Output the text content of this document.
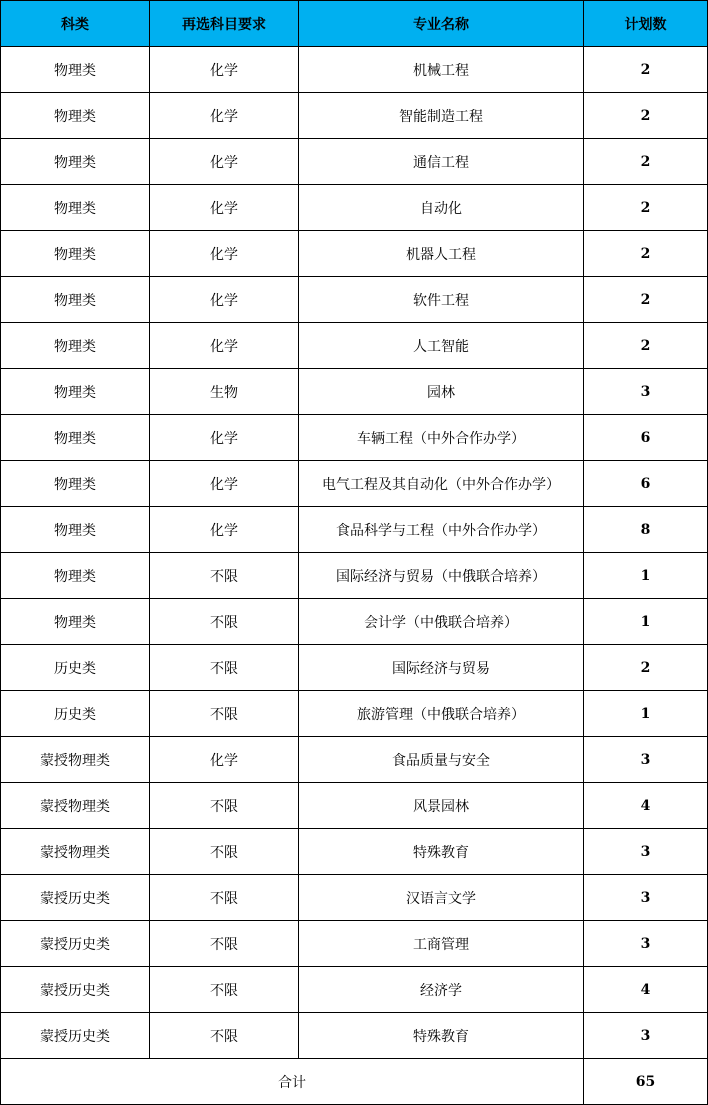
科类	再选科目要求	专业名称	计划数
物理类	化学	机械工程	2
物理类	化学	智能制造工程	2
物理类	化学	通信工程	2
物理类	化学	自动化	2
物理类	化学	机器人工程	2
物理类	化学	软件工程	2
物理类	化学	人工智能	2
物理类	生物	园林	3
物理类	化学	车辆工程（中外合作办学）	6
物理类	化学	电气工程及其自动化（中外合作办学）	6
物理类	化学	食品科学与工程（中外合作办学）	8
物理类	不限	国际经济与贸易（中俄联合培养）	1
物理类	不限	会计学（中俄联合培养）	1
历史类	不限	国际经济与贸易	2
历史类	不限	旅游管理（中俄联合培养）	1
蒙授物理类	化学	食品质量与安全	3
蒙授物理类	不限	风景园林	4
蒙授物理类	不限	特殊教育	3
蒙授历史类	不限	汉语言文学	3
蒙授历史类	不限	工商管理	3
蒙授历史类	不限	经济学	4
蒙授历史类	不限	特殊教育	3
合计			65
